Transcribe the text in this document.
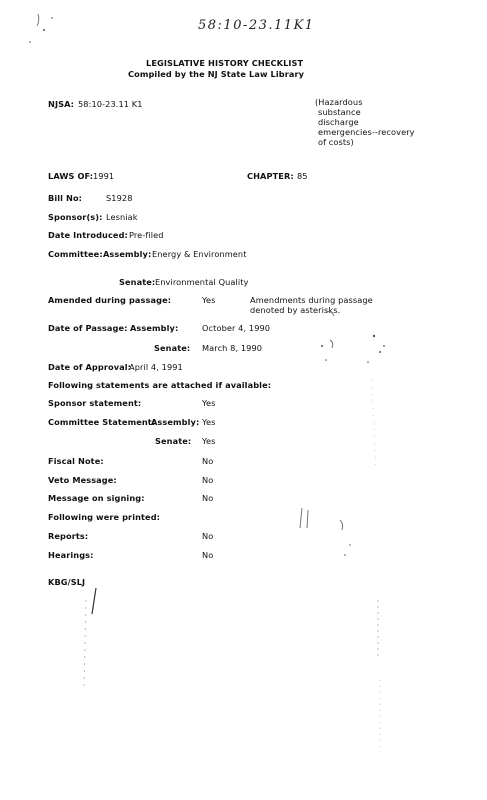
58:10-23.11K1
LEGISLATIVE HISTORY CHECKLIST
Compiled by the NJ State Law Library
NJSA: 58:10-23.11 K1	(Hazardous
substance
discharge
emergencies--recovery
of costs)
LAWS OF: 1991	CHAPTER: 85
Bill No:	S1928
Sponsor(s): Lesniak
Date Introduced: Pre-filed
Committee: Assembly: Energy & Environment
Senate: Environmental Quality
Amended during passage:	Yes	Amendments during passage
denoted by asterisks.
Date of Passage: Assembly:	October 4, 1990
Senate: March 8, 1990
Date of Approval:
April 4, 1991
Following statements are attached if available:
Sponsor statement:	Yes
Committee Statement:
Assembly: Yes
Senate: Yes
Fiscal Note:	No
Veto Message:	No
Message on signing:	No
Following were printed:
Reports:	No
Hearings:	No
KBG/SLJ
